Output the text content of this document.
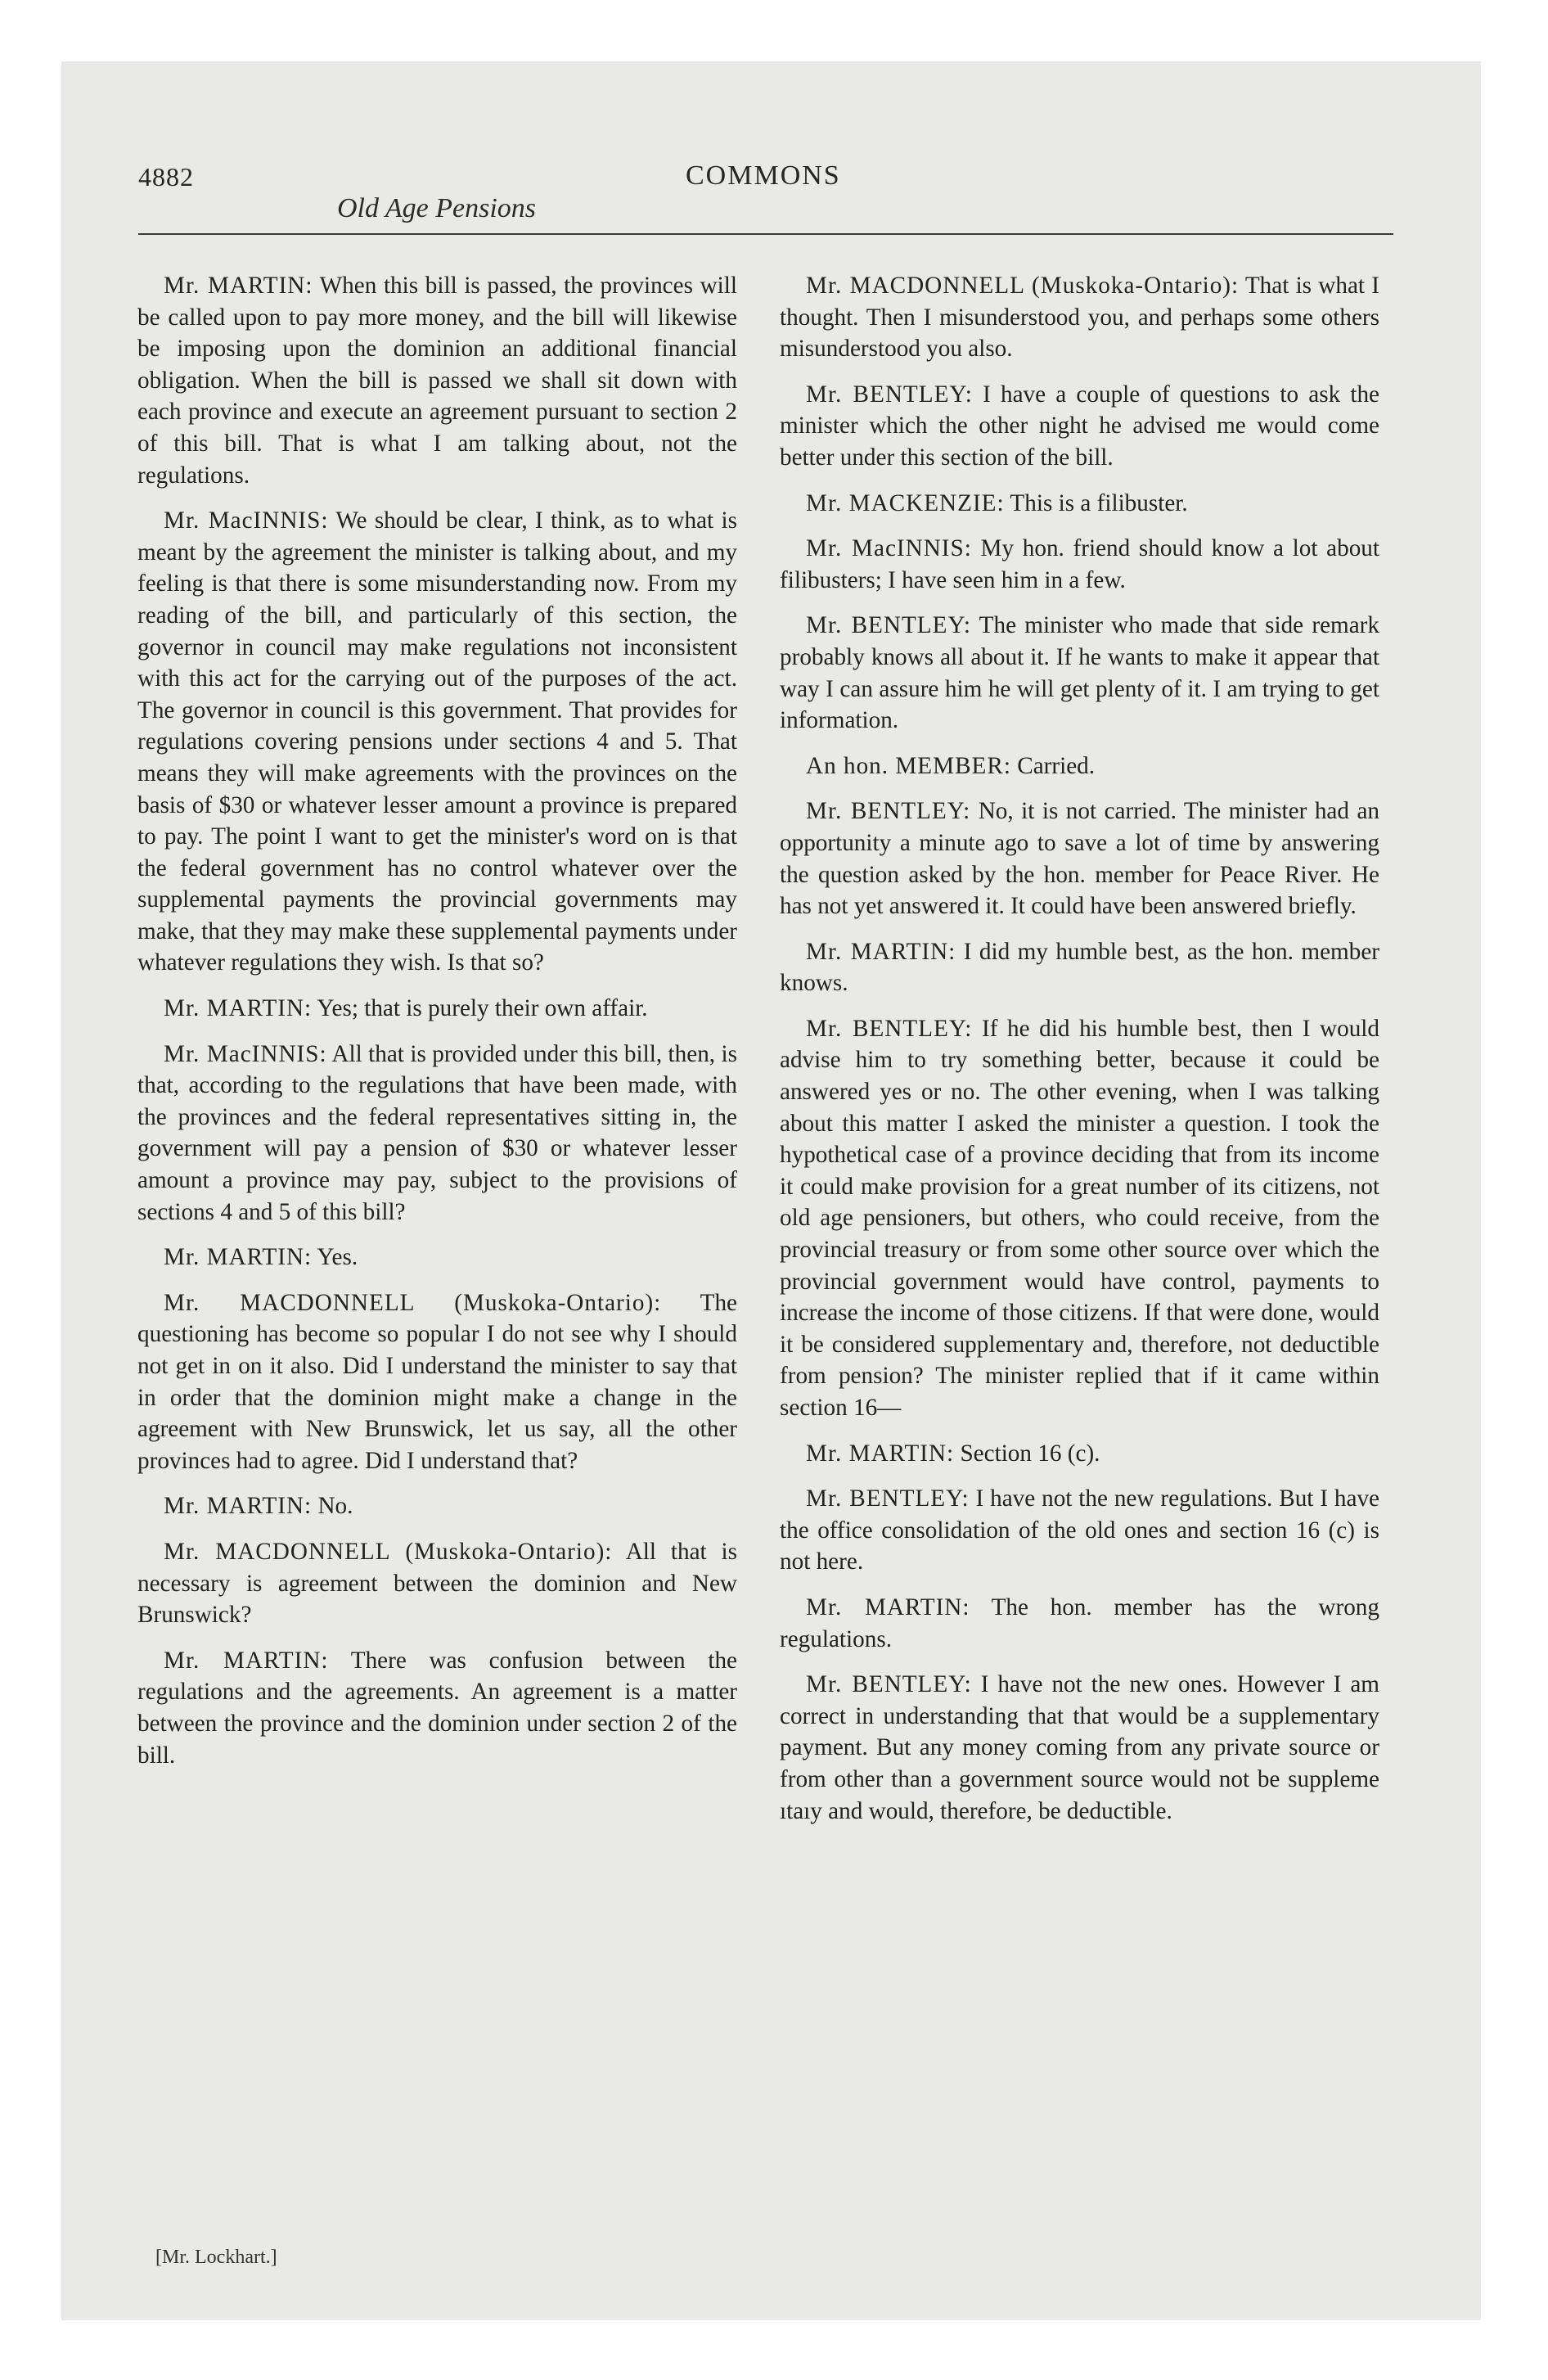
4882	COMMONS
Old Age Pensions

Mr. MARTIN: When this bill is passed, the provinces will be called upon to pay more money, and the bill will likewise be imposing upon the dominion an additional financial obligation. When the bill is passed we shall sit down with each province and execute an agreement pursuant to section 2 of this bill. That is what I am talking about, not the regulations.

Mr. MacINNIS: We should be clear, I think, as to what is meant by the agreement the minister is talking about, and my feeling is that there is some misunderstanding now. From my reading of the bill, and particularly of this section, the governor in council may make regulations not inconsistent with this act for the carrying out of the purposes of the act. The governor in council is this government. That provides for regulations covering pensions under sections 4 and 5. That means they will make agreements with the provinces on the basis of $30 or whatever lesser amount a province is prepared to pay. The point I want to get the minister's word on is that the federal government has no control whatever over the supplemental payments the provincial governments may make, that they may make these supplemental payments under whatever regulations they wish. Is that so?

Mr. MARTIN: Yes; that is purely their own affair.

Mr. MacINNIS: All that is provided under this bill, then, is that, according to the regulations that have been made, with the provinces and the federal representatives sitting in, the government will pay a pension of $30 or whatever lesser amount a province may pay, subject to the provisions of sections 4 and 5 of this bill?

Mr. MARTIN: Yes.

Mr. MACDONNELL (Muskoka-Ontario): The questioning has become so popular I do not see why I should not get in on it also. Did I understand the minister to say that in order that the dominion might make a change in the agreement with New Brunswick, let us say, all the other provinces had to agree. Did I understand that?

Mr. MARTIN: No.

Mr. MACDONNELL (Muskoka-Ontario): All that is necessary is agreement between the dominion and New Brunswick?

Mr. MARTIN: There was confusion between the regulations and the agreements. An agreement is a matter between the province and the dominion under section 2 of the bill.

Mr. MACDONNELL (Muskoka-Ontario): That is what I thought. Then I misunderstood you, and perhaps some others misunderstood you also.

Mr. BENTLEY: I have a couple of questions to ask the minister which the other night he advised me would come better under this section of the bill.

Mr. MACKENZIE: This is a filibuster.

Mr. MacINNIS: My hon. friend should know a lot about filibusters; I have seen him in a few.

Mr. BENTLEY: The minister who made that side remark probably knows all about it. If he wants to make it appear that way I can assure him he will get plenty of it. I am trying to get information.

An hon. MEMBER: Carried.

Mr. BENTLEY: No, it is not carried. The minister had an opportunity a minute ago to save a lot of time by answering the question asked by the hon. member for Peace River. He has not yet answered it. It could have been answered briefly.

Mr. MARTIN: I did my humble best, as the hon. member knows.

Mr. BENTLEY: If he did his humble best, then I would advise him to try something better, because it could be answered yes or no. The other evening, when I was talking about this matter I asked the minister a question. I took the hypothetical case of a province deciding that from its income it could make provision for a great number of its citizens, not old age pensioners, but others, who could receive, from the provincial treasury or from some other source over which the provincial government would have control, payments to increase the income of those citizens. If that were done, would it be considered supplementary and, therefore, not deductible from pension? The minister replied that if it came within section 16—

Mr. MARTIN: Section 16 (c).

Mr. BENTLEY: I have not the new regulations. But I have the office consolidation of the old ones and section 16 (c) is not here.

Mr. MARTIN: The hon. member has the wrong regulations.

Mr. BENTLEY: I have not the new ones. However I am correct in understanding that that would be a supplementary payment. But any money coming from any private source or from other than a government source would not be suppleme ıtaıy and would, therefore, be deductible.

[Mr. Lockhart.]
